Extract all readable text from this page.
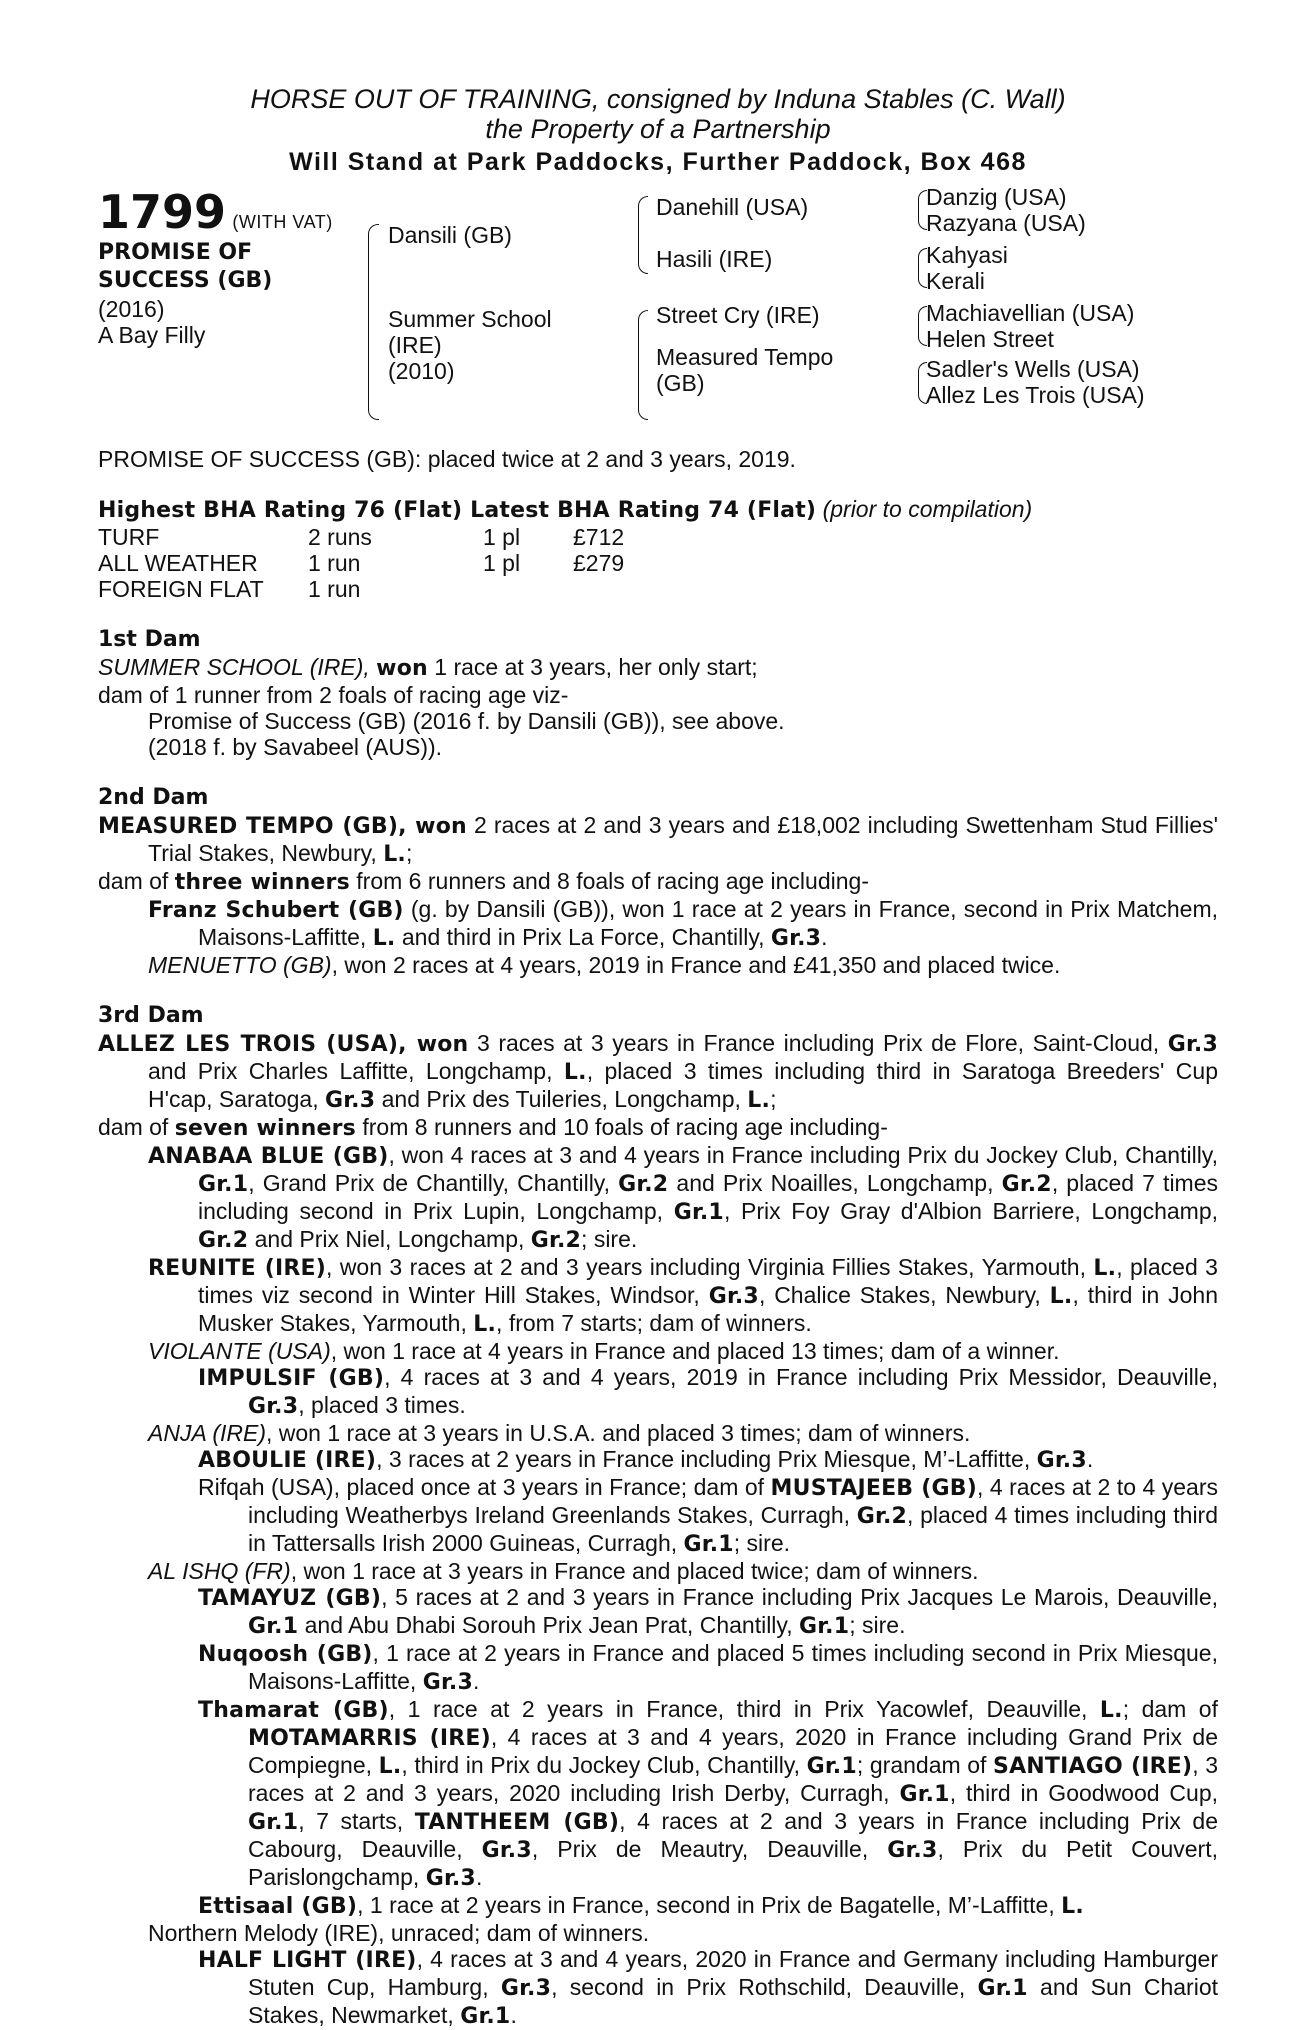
HORSE OUT OF TRAINING, consigned by Induna Stables (C. Wall)
the Property of a Partnership
Will Stand at Park Paddocks, Further Paddock, Box 468
1799 (WITH VAT)
PROMISE OF
SUCCESS (GB)
(2016)
A Bay Filly
Dansili (GB)
Summer School
(IRE)
(2010)
Danehill (USA)
Hasili (IRE)
Street Cry (IRE)
Measured Tempo
(GB)
Danzig (USA)
Razyana (USA)
Kahyasi
Kerali
Machiavellian (USA)
Helen Street
Sadler's Wells (USA)
Allez Les Trois (USA)

PROMISE OF SUCCESS (GB): placed twice at 2 and 3 years, 2019.

Highest BHA Rating 76 (Flat) Latest BHA Rating 74 (Flat) (prior to compilation)
TURF	2 runs	1 pl	£712
ALL WEATHER	1 run	1 pl	£279
FOREIGN FLAT	1 run
1st Dam

SUMMER SCHOOL (IRE), won 1 race at 3 years, her only start;

dam of 1 runner from 2 foals of racing age viz-

Promise of Success (GB) (2016 f. by Dansili (GB)), see above.

(2018 f. by Savabeel (AUS)).

2nd Dam

MEASURED TEMPO (GB), won 2 races at 2 and 3 years and £18,002 including Swettenham Stud Fillies' Trial Stakes, Newbury, L.;

dam of three winners from 6 runners and 8 foals of racing age including-

Franz Schubert (GB) (g. by Dansili (GB)), won 1 race at 2 years in France, second in Prix Matchem, Maisons-Laffitte, L. and third in Prix La Force, Chantilly, Gr.3.

MENUETTO (GB), won 2 races at 4 years, 2019 in France and £41,350 and placed twice.

3rd Dam

ALLEZ LES TROIS (USA), won 3 races at 3 years in France including Prix de Flore, Saint-Cloud, Gr.3 and Prix Charles Laffitte, Longchamp, L., placed 3 times including third in Saratoga Breeders' Cup H'cap, Saratoga, Gr.3 and Prix des Tuileries, Longchamp, L.;

dam of seven winners from 8 runners and 10 foals of racing age including-

ANABAA BLUE (GB), won 4 races at 3 and 4 years in France including Prix du Jockey Club, Chantilly, Gr.1, Grand Prix de Chantilly, Chantilly, Gr.2 and Prix Noailles, Longchamp, Gr.2, placed 7 times including second in Prix Lupin, Longchamp, Gr.1, Prix Foy Gray d'Albion Barriere, Longchamp, Gr.2 and Prix Niel, Longchamp, Gr.2; sire.

REUNITE (IRE), won 3 races at 2 and 3 years including Virginia Fillies Stakes, Yarmouth, L., placed 3 times viz second in Winter Hill Stakes, Windsor, Gr.3, Chalice Stakes, Newbury, L., third in John Musker Stakes, Yarmouth, L., from 7 starts; dam of winners.

VIOLANTE (USA), won 1 race at 4 years in France and placed 13 times; dam of a winner.

IMPULSIF (GB), 4 races at 3 and 4 years, 2019 in France including Prix Messidor, Deauville, Gr.3, placed 3 times.

ANJA (IRE), won 1 race at 3 years in U.S.A. and placed 3 times; dam of winners.

ABOULIE (IRE), 3 races at 2 years in France including Prix Miesque, M’-Laffitte, Gr.3.

Rifqah (USA), placed once at 3 years in France; dam of MUSTAJEEB (GB), 4 races at 2 to 4 years including Weatherbys Ireland Greenlands Stakes, Curragh, Gr.2, placed 4 times including third in Tattersalls Irish 2000 Guineas, Curragh, Gr.1; sire.

AL ISHQ (FR), won 1 race at 3 years in France and placed twice; dam of winners.

TAMAYUZ (GB), 5 races at 2 and 3 years in France including Prix Jacques Le Marois, Deauville, Gr.1 and Abu Dhabi Sorouh Prix Jean Prat, Chantilly, Gr.1; sire.

Nuqoosh (GB), 1 race at 2 years in France and placed 5 times including second in Prix Miesque, Maisons-Laffitte, Gr.3.

Thamarat (GB), 1 race at 2 years in France, third in Prix Yacowlef, Deauville, L.; dam of MOTAMARRIS (IRE), 4 races at 3 and 4 years, 2020 in France including Grand Prix de Compiegne, L., third in Prix du Jockey Club, Chantilly, Gr.1; grandam of SANTIAGO (IRE), 3 races at 2 and 3 years, 2020 including Irish Derby, Curragh, Gr.1, third in Goodwood Cup, Gr.1, 7 starts, TANTHEEM (GB), 4 races at 2 and 3 years in France including Prix de Cabourg, Deauville, Gr.3, Prix de Meautry, Deauville, Gr.3, Prix du Petit Couvert, Parislongchamp, Gr.3.

Ettisaal (GB), 1 race at 2 years in France, second in Prix de Bagatelle, M’-Laffitte, L.

Northern Melody (IRE), unraced; dam of winners.

HALF LIGHT (IRE), 4 races at 3 and 4 years, 2020 in France and Germany including Hamburger Stuten Cup, Hamburg, Gr.3, second in Prix Rothschild, Deauville, Gr.1 and Sun Chariot Stakes, Newmarket, Gr.1.
